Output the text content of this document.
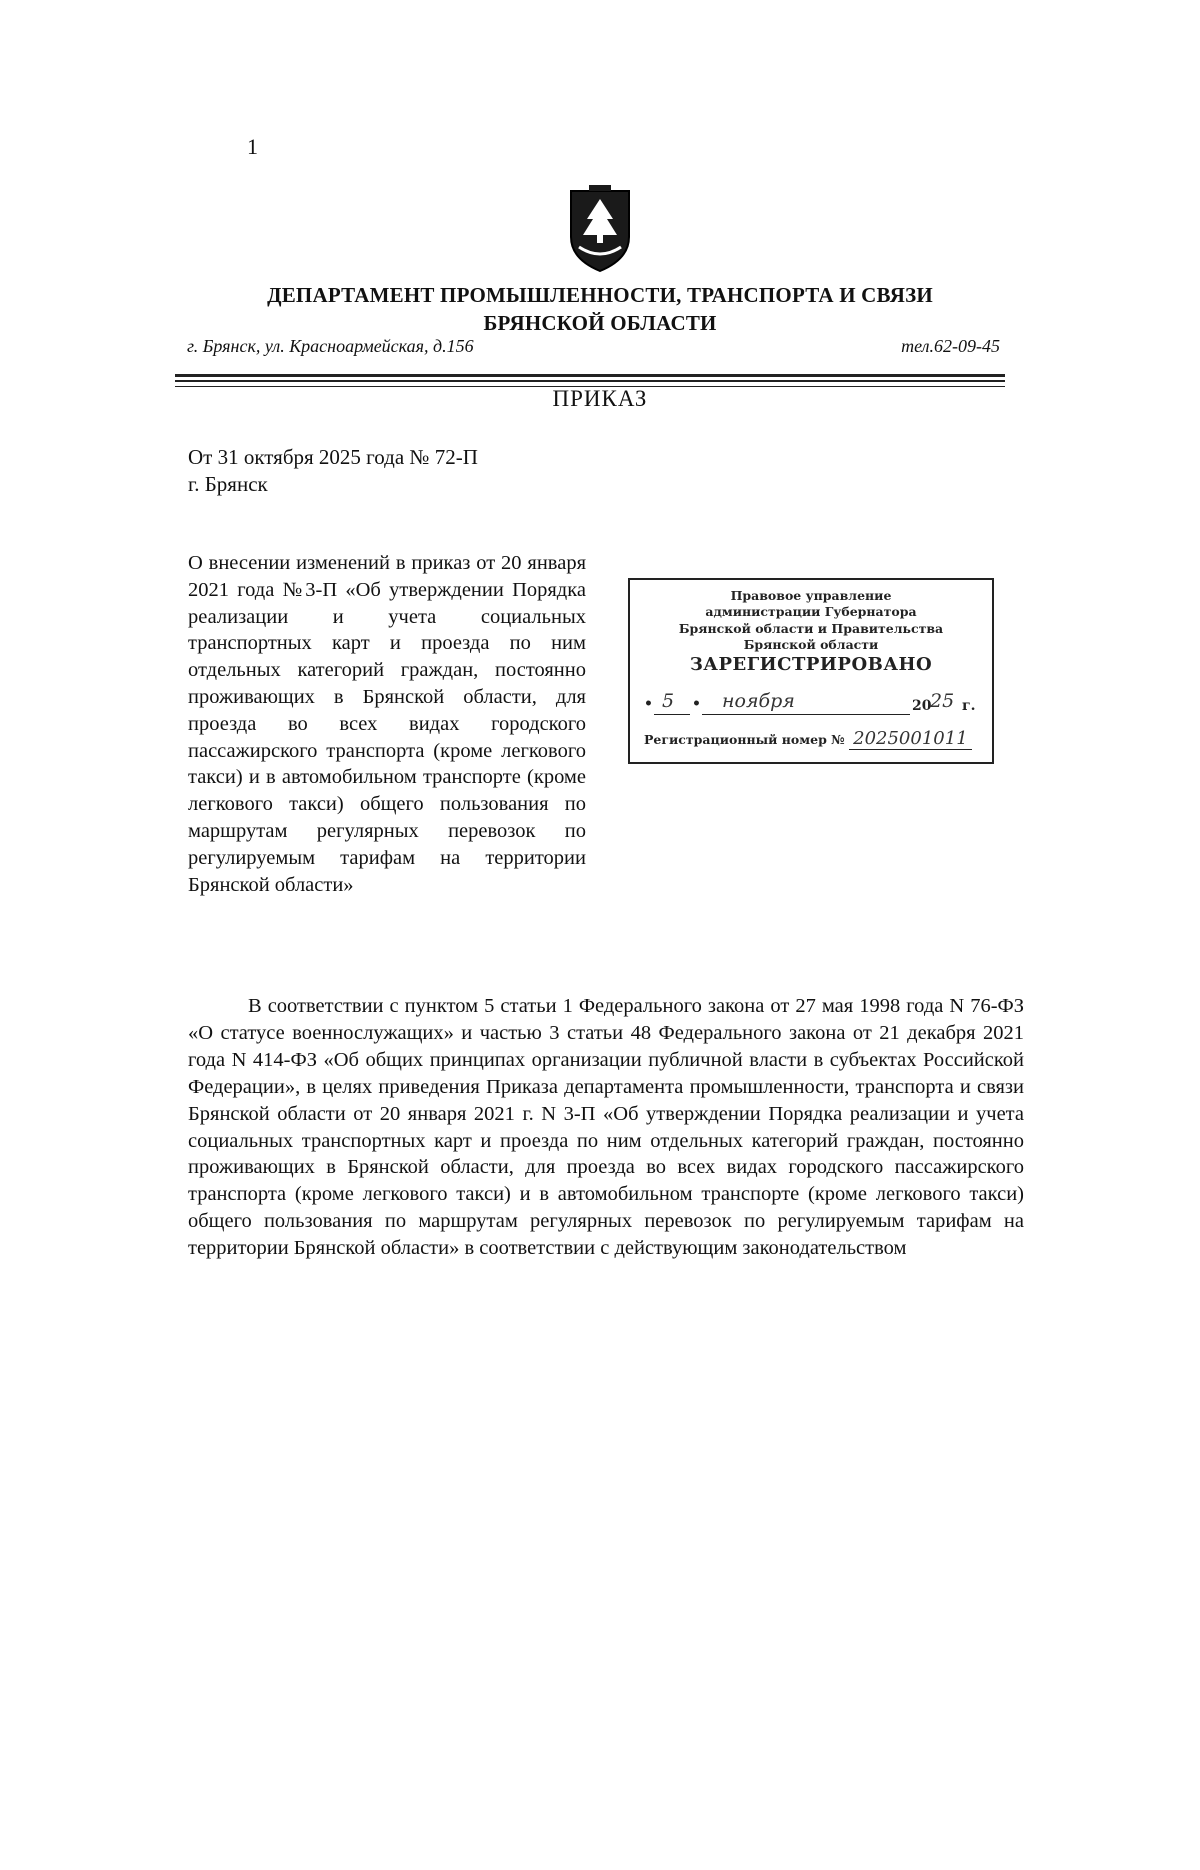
1
ДЕПАРТАМЕНТ ПРОМЫШЛЕННОСТИ, ТРАНСПОРТА И СВЯЗИ
БРЯНСКОЙ ОБЛАСТИ
г. Брянск, ул. Красноармейская, д.156	тел.62-09-45
ПРИКАЗ
От 31 октября 2025 года № 72-П
г. Брянск
О внесении изменений в приказ от 20 января 2021 года №3-П «Об утверждении Порядка реализации и учета социальных транспортных карт и проезда по ним отдельных категорий граждан, постоянно проживающих в Брянской области, для проезда во всех видах городского пассажирского транспорта (кроме легкового такси) и в автомобильном транспорте (кроме легкового такси) общего пользования по маршрутам регулярных перевозок по регулируемым тарифам на территории Брянской области»
Правовое управление
администрации Губернатора
Брянской области и Правительства
Брянской области
ЗАРЕГИСТРИРОВАНО
• 5 • ноября	20
25 г.
Регистрационный номер № 2025001011
В соответствии с пунктом 5 статьи 1 Федерального закона от 27 мая 1998 года N 76-ФЗ «О статусе военнослужащих» и частью 3 статьи 48 Федерального закона от 21 декабря 2021 года N 414-ФЗ «Об общих принципах организации публичной власти в субъектах Российской Федерации», в целях приведения Приказа департамента промышленности, транспорта и связи Брянской области от 20 января 2021 г. N 3-П «Об утверждении Порядка реализации и учета социальных транспортных карт и проезда по ним отдельных категорий граждан, постоянно проживающих в Брянской области, для проезда во всех видах городского пассажирского транспорта (кроме легкового такси) и в автомобильном транспорте (кроме легкового такси) общего пользования по маршрутам регулярных перевозок по регулируемым тарифам на территории Брянской области» в соответствии с действующим законодательством
